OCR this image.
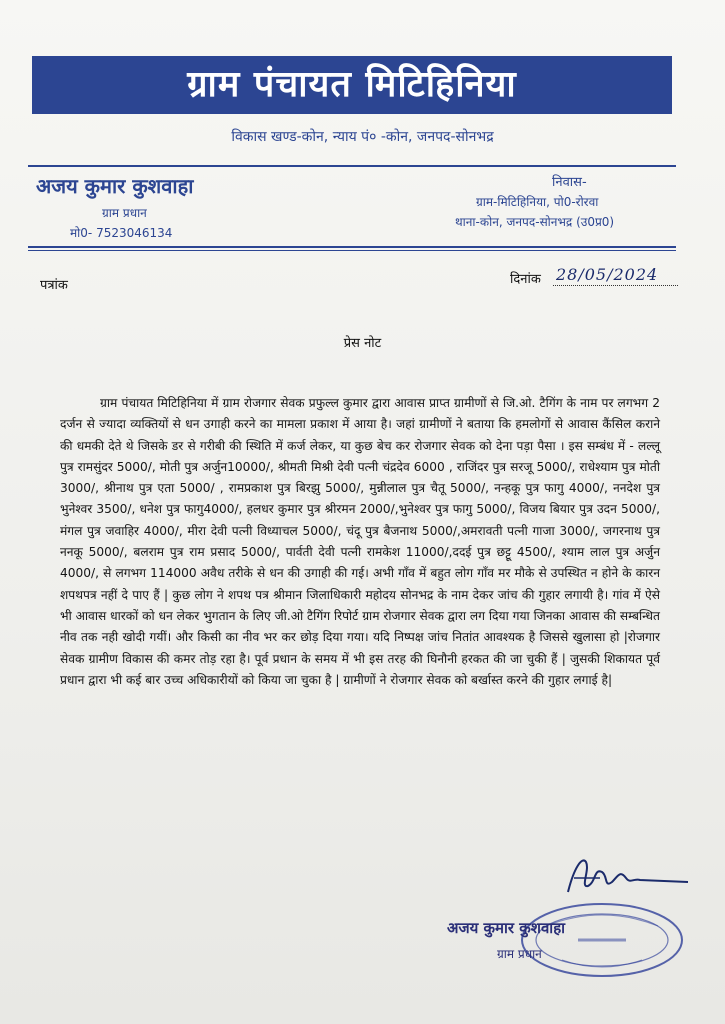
ग्राम पंचायत मिटिहिनिया
विकास खण्ड-कोन, न्याय पं० -कोन, जनपद-सोनभद्र
अजय कुमार कुशवाहा
ग्राम प्रधान
मो0- 7523046134
निवास-
ग्राम-मिटिहिनिया, पो0-रोरवा
थाना-कोन, जनपद-सोनभद्र (उ0प्र0)
पत्रांक	दिनांक 28/05/2024
प्रेस नोट
ग्राम पंचायत मिटिहिनिया में ग्राम रोजगार सेवक प्रफुल्ल कुमार द्वारा आवास प्राप्त ग्रामीणों से जि.ओ. टैगिंग के नाम पर लगभग 2 दर्जन से ज्यादा व्यक्तियों से धन उगाही करने का मामला प्रकाश में आया है। जहां ग्रामीणों ने बताया कि हमलोगों से आवास कैंसिल कराने की धमकी देते थे जिसके डर से गरीबी की स्थिति में कर्ज लेकर, या कुछ बेच कर रोजगार सेवक को देना पड़ा पैसा । इस सम्बंध में - लल्लू पुत्र रामसुंदर 5000/, मोती पुत्र अर्जुन10000/, श्रीमती मिश्री देवी पत्नी चंद्रदेव 6000 , राजिंदर पुत्र सरजू 5000/, राधेश्याम पुत्र मोती 3000/, श्रीनाथ पुत्र एता 5000/ , रामप्रकाश पुत्र बिरझु 5000/, मुन्नीलाल पुत्र चैतू 5000/, नन्हकू पुत्र फागु 4000/, ननदेश पुत्र भुनेश्वर 3500/, धनेश पुत्र फागु4000/, हलधर कुमार पुत्र श्रीरमन 2000/,भुनेश्वर पुत्र फागु 5000/, विजय बियार पुत्र उदन 5000/, मंगल पुत्र जवाहिर 4000/, मीरा देवी पत्नी विध्याचल 5000/, चंदू पुत्र बैजनाथ 5000/,अमरावती पत्नी गाजा 3000/, जगरनाथ पुत्र ननकू 5000/, बलराम पुत्र राम प्रसाद 5000/, पार्वती देवी पत्नी रामकेश 11000/,ददई पुत्र छट्टू 4500/, श्याम लाल पुत्र अर्जुन 4000/, से लगभग 114000 अवैध तरीके से धन की उगाही की गई। अभी गाँव में बहुत लोग गाँव मर मौके से उपस्थित न होने के कारन शपथपत्र नहीं दे पाए हैं | कुछ लोग ने शपथ पत्र श्रीमान जिलाधिकारी महोदय सोनभद्र के नाम देकर जांच की गुहार लगायी है। गांव में ऐसे भी आवास धारकों को धन लेकर भुगतान के लिए जी.ओ टैगिंग रिपोर्ट ग्राम रोजगार सेवक द्वारा लग दिया गया जिनका आवास की सम्बन्धित नीव तक नही खोदी गयीं। और किसी का नीव भर कर छोड़ दिया गया। यदि निष्पक्ष जांच नितांत आवश्यक है जिससे खुलासा हो |रोजगार सेवक ग्रामीण विकास की कमर तोड़ रहा है। पूर्व प्रधान के समय में भी इस तरह की घिनौनी हरकत की जा चुकी हैं | जुसकी शिकायत पूर्व प्रधान द्वारा भी कई बार उच्च अधिकारीयों को किया जा चुका है | ग्रामीणों ने रोजगार सेवक को बर्खास्त करने की गुहार लगाई है|
अजय कुमार कुशवाहा
ग्राम प्रधान
